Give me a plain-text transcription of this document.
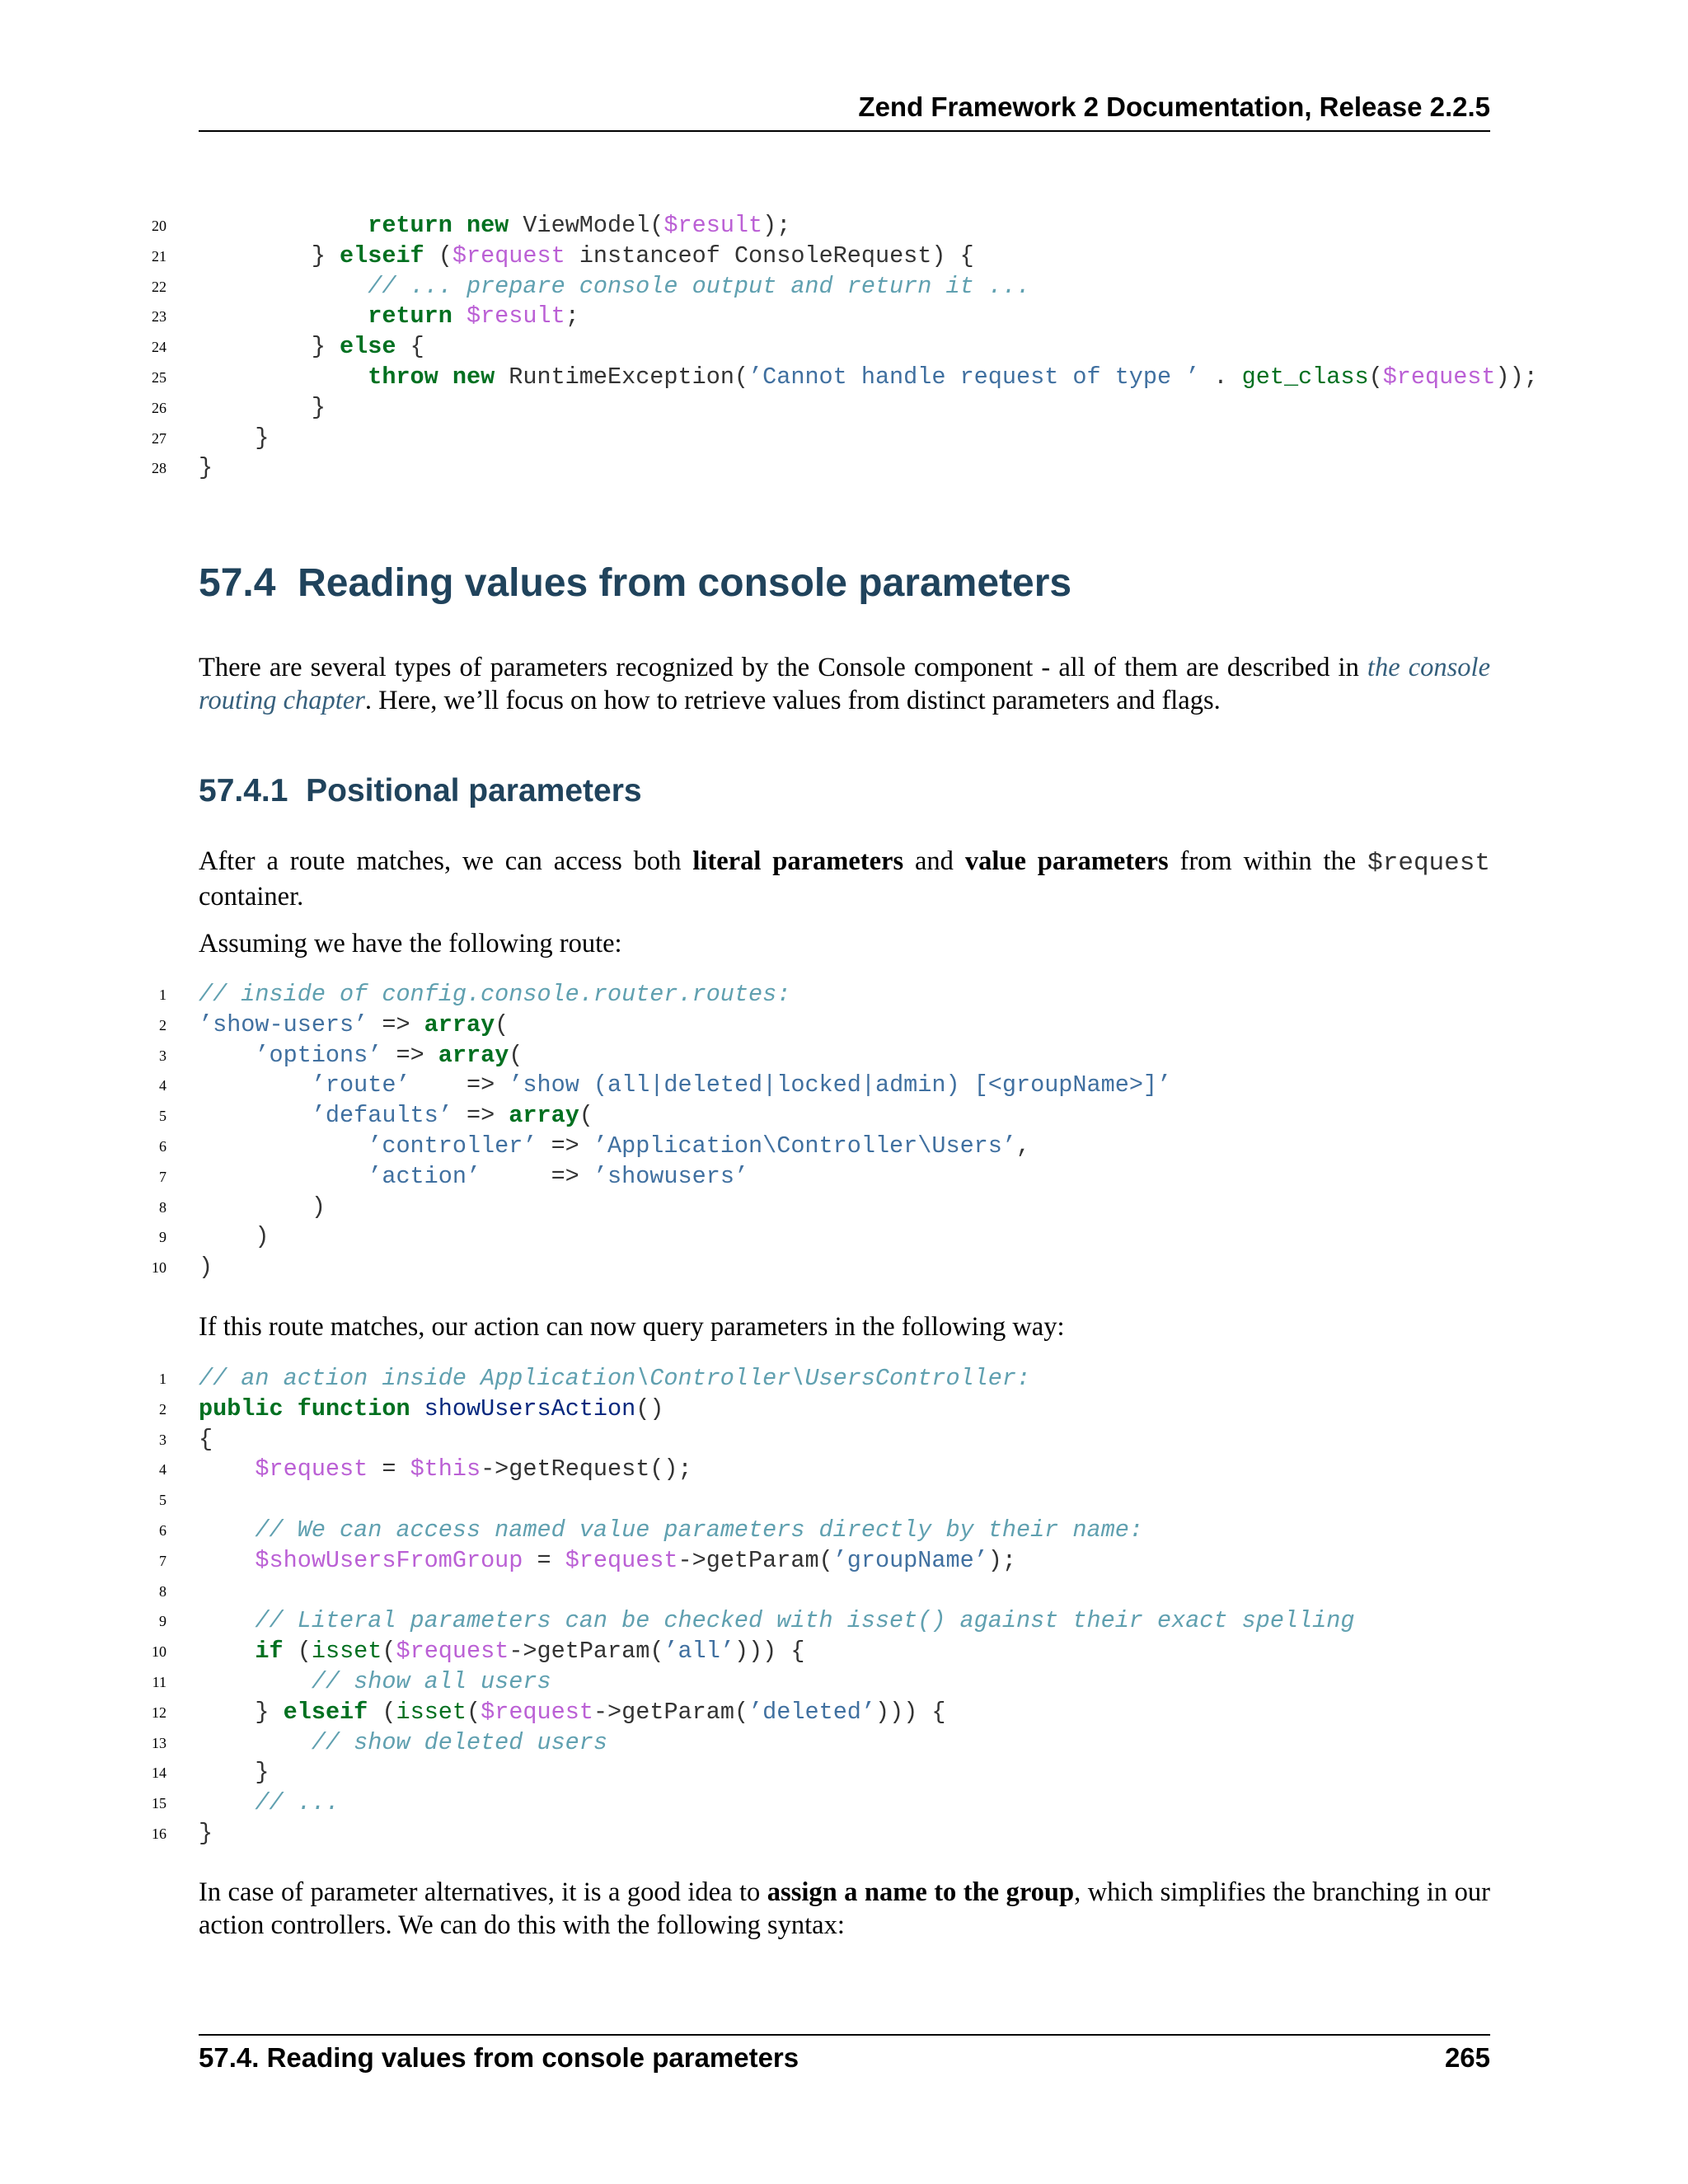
Zend Framework 2 Documentation, Release 2.2.5
20	return new ViewModel($result);
21	} elseif ($request instanceof ConsoleRequest) {
22	// ... prepare console output and return it ...
23	return $result;
24	} else {
25	throw new RuntimeException(’Cannot handle request of type ’ . get_class($request));
26	}
27	}
28 }
57.4 Reading values from console parameters
There are several types of parameters recognized by the Console component - all of them are described in the console routing chapter. Here, we’ll focus on how to retrieve values from distinct parameters and flags.
57.4.1 Positional parameters
After a route matches, we can access both literal parameters and value parameters from within the $request container.
Assuming we have the following route:
1 // inside of config.console.router.routes:
2 ’show-users’ => array(
3	’options’ => array(
4	’route’    => ’show (all|deleted|locked|admin) [<groupName>]’
5	’defaults’ => array(
6	’controller’ => ’Application\Controller\Users’,
7	’action’     => ’showusers’
8	)
9	)
10 )
If this route matches, our action can now query parameters in the following way:
1 // an action inside Application\Controller\UsersController:
2 public function showUsersAction()
3 {
4	$request = $this->getRequest();
5
6	// We can access named value parameters directly by their name:
7	$showUsersFromGroup = $request->getParam(’groupName’);
8
9	// Literal parameters can be checked with isset() against their exact spelling
10	if (isset($request->getParam(’all’))) {
11	// show all users
12	} elseif (isset($request->getParam(’deleted’))) {
13	// show deleted users
14	}
15	// ...
16 }
In case of parameter alternatives, it is a good idea to assign a name to the group, which simplifies the branching in our action controllers. We can do this with the following syntax:
57.4. Reading values from console parameters	265
